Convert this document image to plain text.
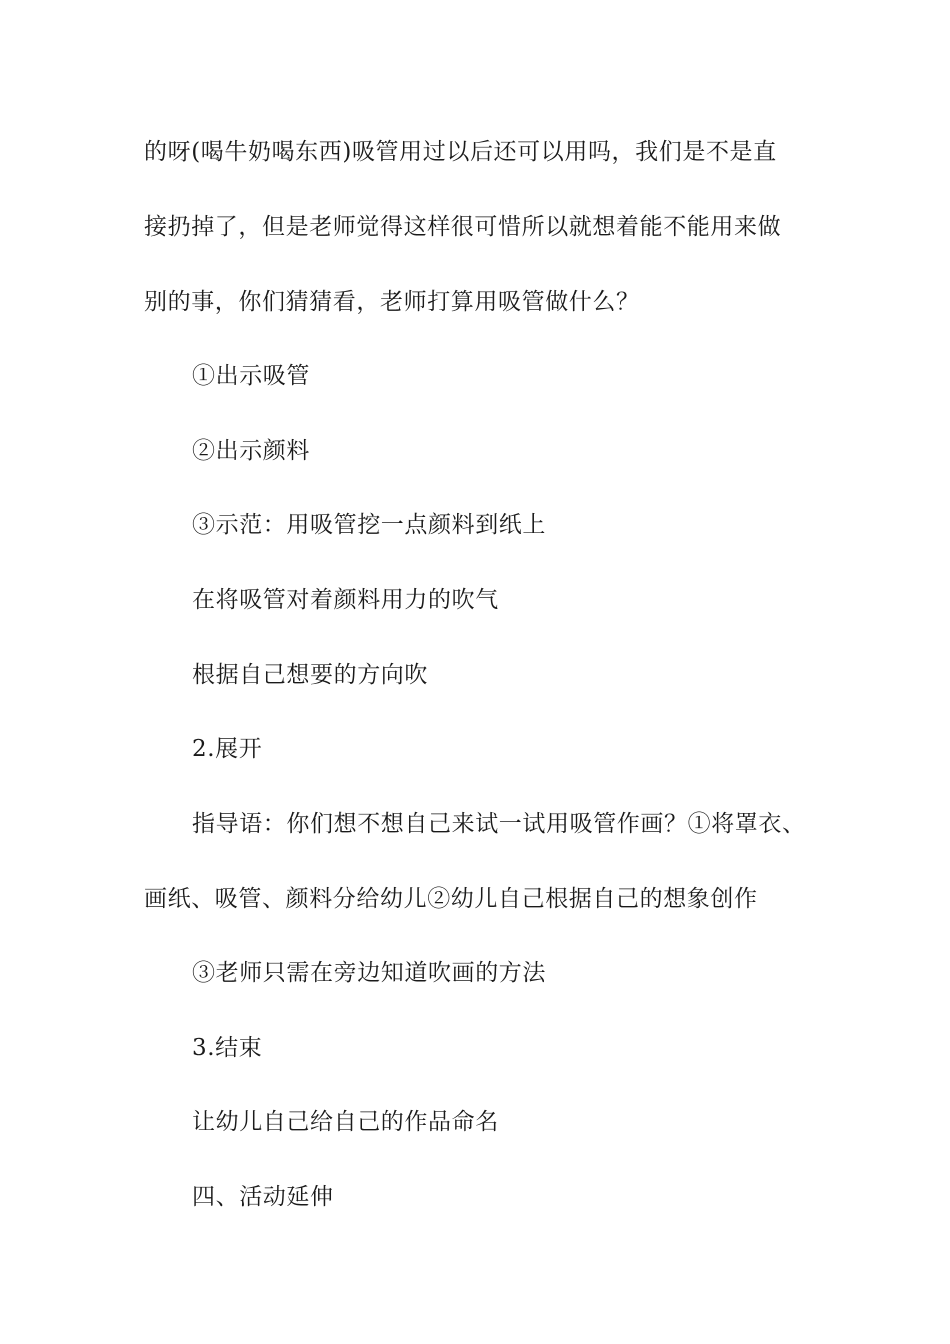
的呀(喝牛奶喝东西)吸管用过以后还可以用吗，我们是不是直
接扔掉了，但是老师觉得这样很可惜所以就想着能不能用来做
别的事，你们猜猜看，老师打算用吸管做什么？
①出示吸管
②出示颜料
③示范：用吸管挖一点颜料到纸上
在将吸管对着颜料用力的吹气
根据自己想要的方向吹
2.展开
指导语：你们想不想自己来试一试用吸管作画？①将罩衣、
画纸、吸管、颜料分给幼儿②幼儿自己根据自己的想象创作
③老师只需在旁边知道吹画的方法
3.结束
让幼儿自己给自己的作品命名
四、活动延伸
